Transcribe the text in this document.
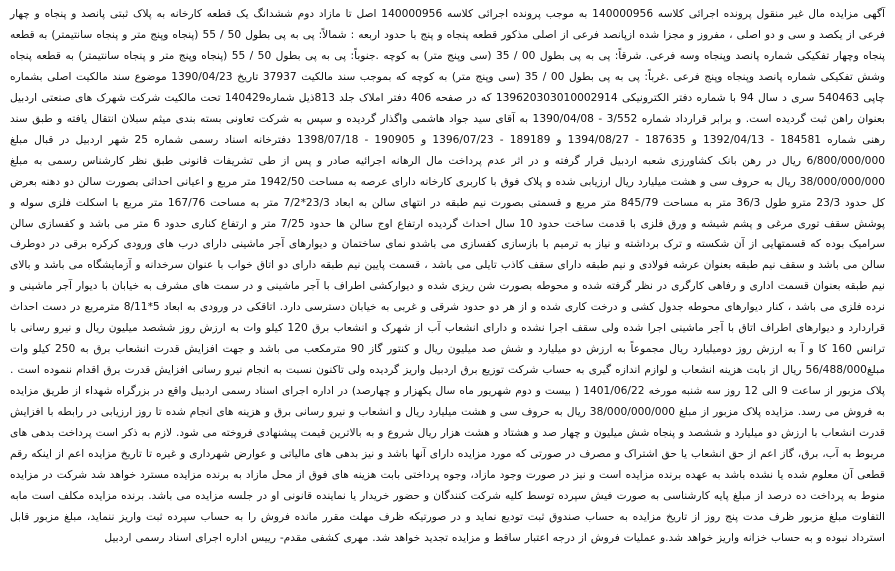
آگهی مزایده مال غیر منقول پرونده اجرائی کلاسه 140000956 به موجب پرونده اجرائی کلاسه 140000956 اصل تا مازاد دوم ششدانگ یک قطعه کارخانه به پلاک ثبتی پانصد و پنجاه و چهار فرعی از یکصد و سی و دو اصلی ، مفروز و مجزا شده ازپانصد فرعی از اصلی مذکور قطعه پنجاه و پنج با حدود اربعه : شمالاً: پی به پی بطول 50 / 55 (پنجاه وپنج متر و پنجاه سانتیمتر) به قطعه پنجاه وچهار تفکیکی شماره پانصد وپنجاه وسه فرعی. شرقاً: پی به پی بطول 00 / 35 (سی وپنج متر) به کوچه .جنوباً: پی به پی بطول 50 / 55 (پنجاه وپنج متر و پنجاه سانتیمتر) به قطعه پنجاه وشش تفکیکی شماره پانصد وپنجاه وپنج فرعی .غرباً: پی به پی بطول 00 / 35 (سی وپنج متر) به کوچه که بموجب سند مالکیت 37937 تاریخ 1390/04/23 موضوع سند مالکیت اصلی بشماره چاپی 540463 سری د سال 94 با شماره دفتر الکترونیکی 139620303010002914 که در صفحه 406 دفتر املاک جلد 813ذیل شماره140429 تحت مالکیت شرکت شهرک های صنعتی اردبیل بعنوان راهن ثبت گردیده است. و برابر قرارداد شماره 3/552 - 1390/04/08 به آقای سید جواد هاشمی واگذار گردیده و سپس به شرکت تعاونی بسته بندی میثم سبلان انتقال یافته و طبق سند رهنی شماره 184581 - 1392/04/13 و 187635 - 1394/08/27 و 189189 - 1396/07/23 و 190905 - 1398/07/18 دفترخانه اسناد رسمی شماره 25 شهر اردبیل در قبال مبلغ 6/800/000/000 ریال در رهن بانک کشاورزی شعبه اردبیل قرار گرفته و در اثر عدم پرداخت مال الرهانه اجرائیه صادر و پس از طی تشریفات قانونی طبق نظر کارشناس رسمی به مبلغ 38/000/000/000 ریال به حروف سی و هشت میلیارد ریال ارزیابی شده و پلاک فوق با کاربری کارخانه دارای عرصه به مساحت 1942/50 متر مربع و اعیانی احداثی بصورت سالن دو دهنه بعرض کل حدود 23/3 مترو طول 36/3 متر به مساحت 845/79 متر مربع و قسمتی بصورت نیم طبقه در انتهای سالن به ابعاد 23/3*7/2 متر به مساحت 167/76 متر مربع با اسکلت فلزی سوله و پوشش سقف توری مرغی و پشم شیشه و ورق فلزی با قدمت ساخت حدود 10 سال احداث گردیده ارتفاع اوج سالن ها حدود 7/25 متر و ارتفاع کناری حدود 6 متر می باشد و کفسازی سالن سرامیک بوده که قسمتهایی از آن شکسته و ترک برداشته و نیاز به ترمیم با بازسازی کفسازی می باشدو نمای ساختمان و دیوارهای آجر ماشینی دارای درب های ورودی کرکره برقی در دوطرف سالن می باشد و سقف نیم طبقه بعنوان عرشه فولادی و نیم طبقه دارای سقف کاذب تایلی می باشد ، قسمت پایین نیم طبقه دارای دو اتاق خواب با عنوان سرخدانه و آزمایشگاه می باشد و بالای نیم طبقه بعنوان قسمت اداری و رفاهی کارگری در نظر گرفته شده و محوطه بصورت شن ریزی شده و دیوارکشی اطراف با آجر ماشینی و در سمت های مشرف به خیابان با دیوار آجر ماشینی و نرده فلزی می باشد ، کنار دیوارهای محوطه جدول کشی و درخت کاری شده و از هر دو حدود شرقی و غربی به خیابان دسترسی دارد. اتاقکی در ورودی به ابعاد 5*8/11 مترمربع در دست احداث قراردارد و دیوارهای اطراف اتاق با آجر ماشینی اجرا شده ولی سقف اجرا نشده و دارای انشعاب آب از شهرک و انشعاب برق 120 کیلو وات به ارزش روز ششصد میلیون ریال و نیرو رسانی با ترانس 160 کا و آ به ارزش روز دومیلیارد ریال مجموعاً به ارزش دو میلیارد و شش صد میلیون ریال و کنتور گاز 90 مترمکعب می باشد و جهت افزایش قدرت انشعاب برق به 250 کیلو وات مبلغ56/488/000 ریال از بابت هزینه انشعاب و لوازم اندازه گیری به حساب شرکت توزیع برق اردبیل واریز گردیده ولی تاکنون نسبت به انجام نیرو رسانی افزایش قدرت برق اقدام ننموده است . پلاک مزبور از ساعت 9 الی 12 روز سه شنبه مورخه 1401/06/22 ( بیست و دوم شهریور ماه سال یکهزار و چهارصد) در اداره اجرای اسناد رسمی اردبیل واقع در بزرگراه شهداء از طریق مزایده به فروش می رسد. مزایده پلاک مزبور از مبلغ 38/000/000/000 ریال به حروف سی و هشت میلیارد ریال و انشعاب و نیرو رسانی برق و هزینه های انجام شده تا روز ارزیابی در رابطه با افزایش قدرت انشعاب با ارزش دو میلیارد و ششصد و پنجاه شش میلیون و چهار صد و هشتاد و هشت هزار ریال شروع و به بالاترین قیمت پیشنهادی فروخته می شود. لازم به ذکر است پرداخت بدهی های مربوط به آب، برق، گاز اعم از حق انشعاب یا حق اشتراک و مصرف در صورتی که مورد مزایده دارای آنها باشد و نیز بدهی های مالیاتی و عوارض شهرداری و غیره تا تاریخ مزایده اعم از اینکه رقم قطعی آن معلوم شده یا نشده باشد به عهده برنده مزایده است و نیز در صورت وجود مازاد، وجوه پرداختی بابت هزینه های فوق از محل مازاد به برنده مزایده مسترد خواهد شد شرکت در مزایده منوط به پرداخت ده درصد از مبلغ پایه کارشناسی به صورت فیش سپرده توسط کلیه شرکت کنندگان و حضور خریدار یا نماینده قانونی او در جلسه مزایده می باشد. برنده مزایده مکلف است مابه التفاوت مبلغ مزبور ظرف مدت پنج روز از تاریخ مزایده به حساب صندوق ثبت تودیع نماید و در صورتیکه ظرف مهلت مقرر مانده فروش را به حساب سپرده ثبت واریز ننماید، مبلغ مزبور قابل استرداد نبوده و به حساب خزانه واریز خواهد شد.و عملیات فروش از درجه اعتبار ساقط و مزایده تجدید خواهد شد. مهری کشفی مقدم- رییس اداره اجرای اسناد رسمی اردبیل
